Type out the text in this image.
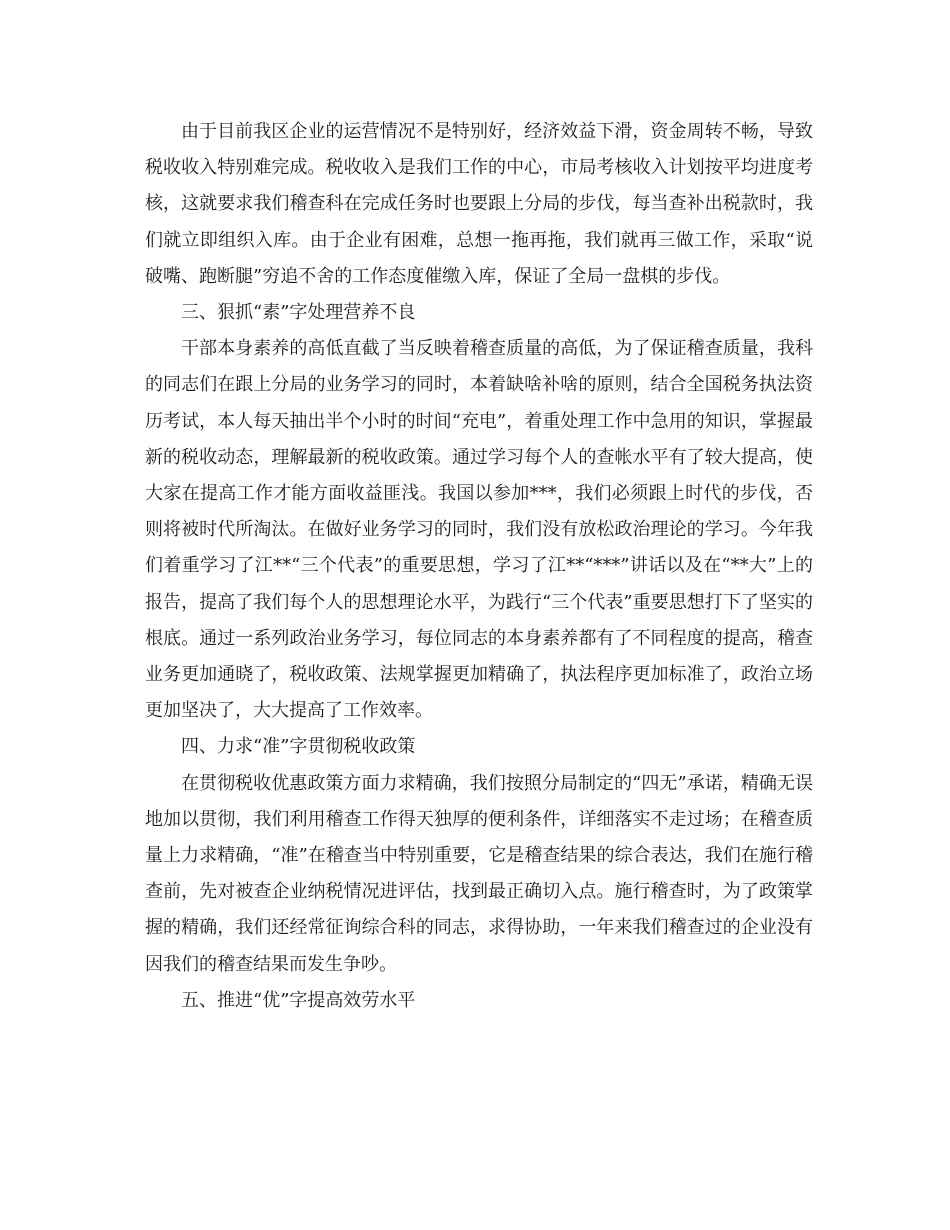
由于目前我区企业的运营情况不是特别好，经济效益下滑，资金周转不畅，导致税收收入特别难完成。税收收入是我们工作的中心，市局考核收入计划按平均进度考核，这就要求我们稽查科在完成任务时也要跟上分局的步伐，每当查补出税款时，我们就立即组织入库。由于企业有困难，总想一拖再拖，我们就再三做工作，采取“说破嘴、跑断腿”穷追不舍的工作态度催缴入库，保证了全局一盘棋的步伐。

三、狠抓“素”字处理营养不良

干部本身素养的高低直截了当反映着稽查质量的高低，为了保证稽查质量，我科的同志们在跟上分局的业务学习的同时，本着缺啥补啥的原则，结合全国税务执法资历考试，本人每天抽出半个小时的时间“充电”，着重处理工作中急用的知识，掌握最新的税收动态，理解最新的税收政策。通过学习每个人的查帐水平有了较大提高，使大家在提高工作才能方面收益匪浅。我国以参加***，我们必须跟上时代的步伐，否则将被时代所淘汰。在做好业务学习的同时，我们没有放松政治理论的学习。今年我们着重学习了江**“三个代表”的重要思想，学习了江**“***”讲话以及在“**大”上的报告，提高了我们每个人的思想理论水平，为践行“三个代表”重要思想打下了坚实的根底。通过一系列政治业务学习，每位同志的本身素养都有了不同程度的提高，稽查业务更加通晓了，税收政策、法规掌握更加精确了，执法程序更加标准了，政治立场更加坚决了，大大提高了工作效率。

四、力求“准”字贯彻税收政策

在贯彻税收优惠政策方面力求精确，我们按照分局制定的“四无”承诺，精确无误地加以贯彻，我们利用稽查工作得天独厚的便利条件，详细落实不走过场；在稽查质量上力求精确，“准”在稽查当中特别重要，它是稽查结果的综合表达，我们在施行稽查前，先对被查企业纳税情况进评估，找到最正确切入点。施行稽查时，为了政策掌握的精确，我们还经常征询综合科的同志，求得协助，一年来我们稽查过的企业没有因我们的稽查结果而发生争吵。

五、推进“优”字提高效劳水平
